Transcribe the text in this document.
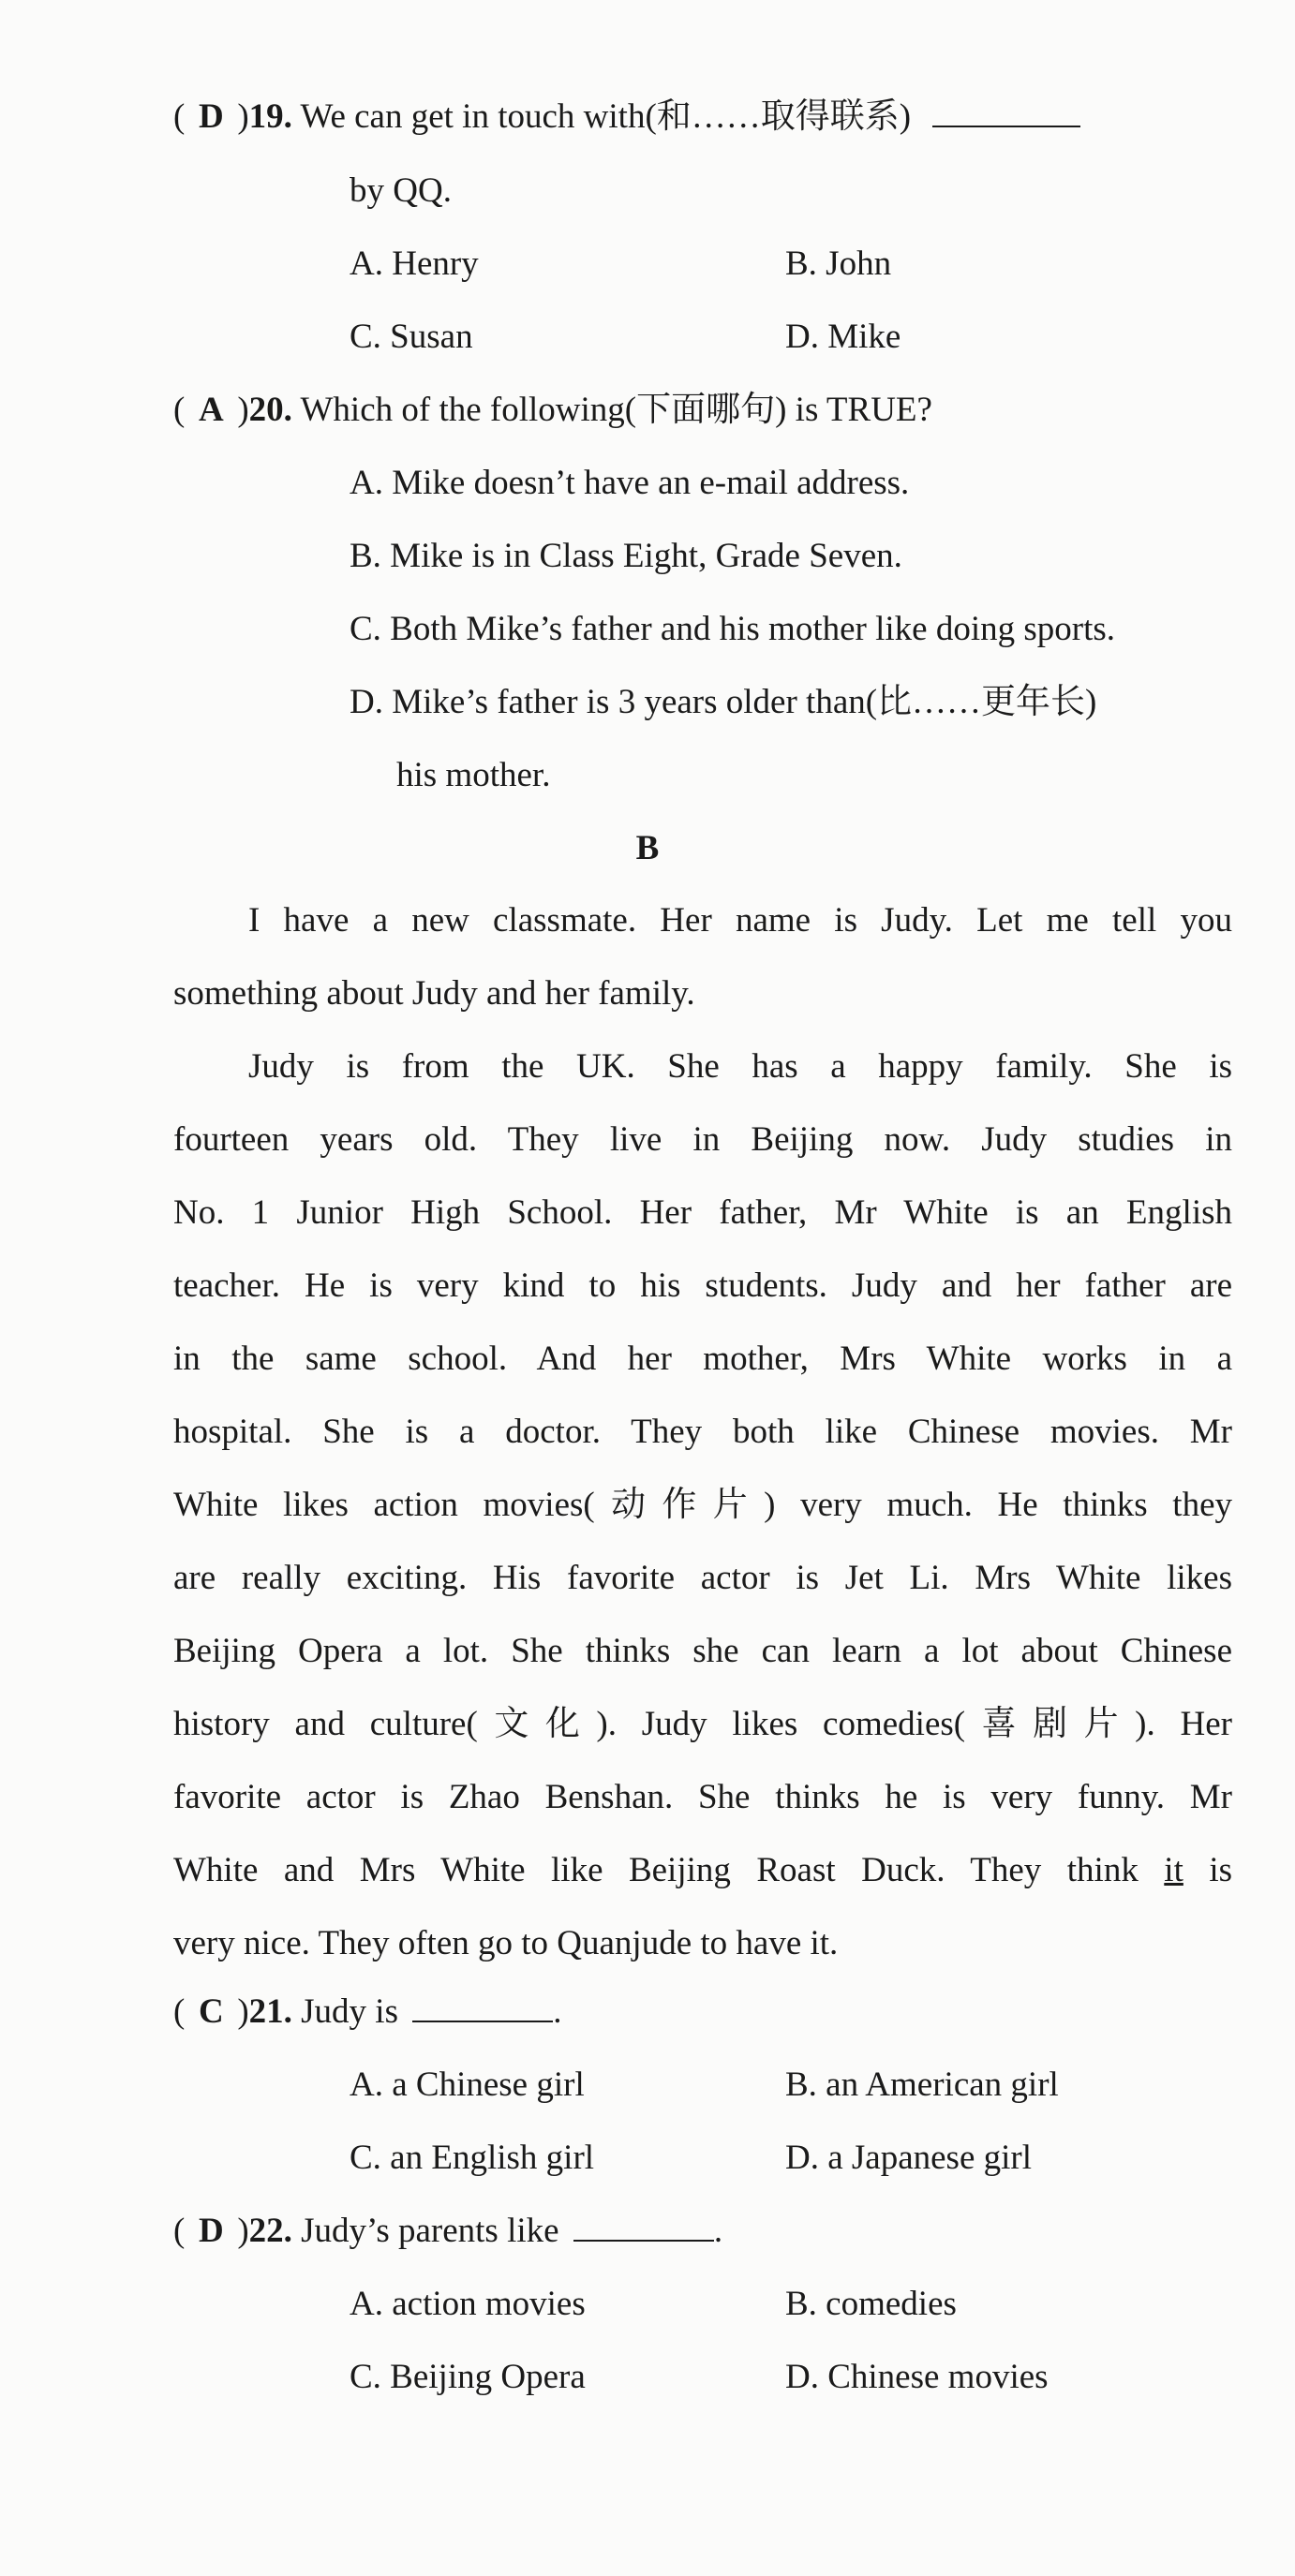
( D )19. We can get in touch with(和……取得联系)
by QQ.
A. Henry	B. John
C. Susan	D. Mike
( A )20. Which of the following(下面哪句) is TRUE?
A. Mike doesn’t have an e-mail address.
B. Mike is in Class Eight, Grade Seven.
C. Both Mike’s father and his mother like doing sports.
D. Mike’s father is 3 years older than(比……更年长)
his mother.
B
I have a new classmate. Her name is Judy. Let me tell you
something about Judy and her family.
Judy is from the UK. She has a happy family. She is
fourteen years old. They live in Beijing now. Judy studies in
No. 1 Junior High School. Her father, Mr White is an English
teacher. He is very kind to his students. Judy and her father are
in the same school. And her mother, Mrs White works in a
hospital. She is a doctor. They both like Chinese movies. Mr
White likes action movies(动作片) very much. He thinks they
are really exciting. His favorite actor is Jet Li. Mrs White likes
Beijing Opera a lot. She thinks she can learn a lot about Chinese
history and culture(文化). Judy likes comedies(喜剧片). Her
favorite actor is Zhao Benshan. She thinks he is very funny. Mr
White and Mrs White like Beijing Roast Duck. They think it is
very nice. They often go to Quanjude to have it.
( C )21. Judy is	.
A. a Chinese girl	B. an American girl
C. an English girl	D. a Japanese girl
( D )22. Judy’s parents like	.
A. action movies	B. comedies
C. Beijing Opera	D. Chinese movies
